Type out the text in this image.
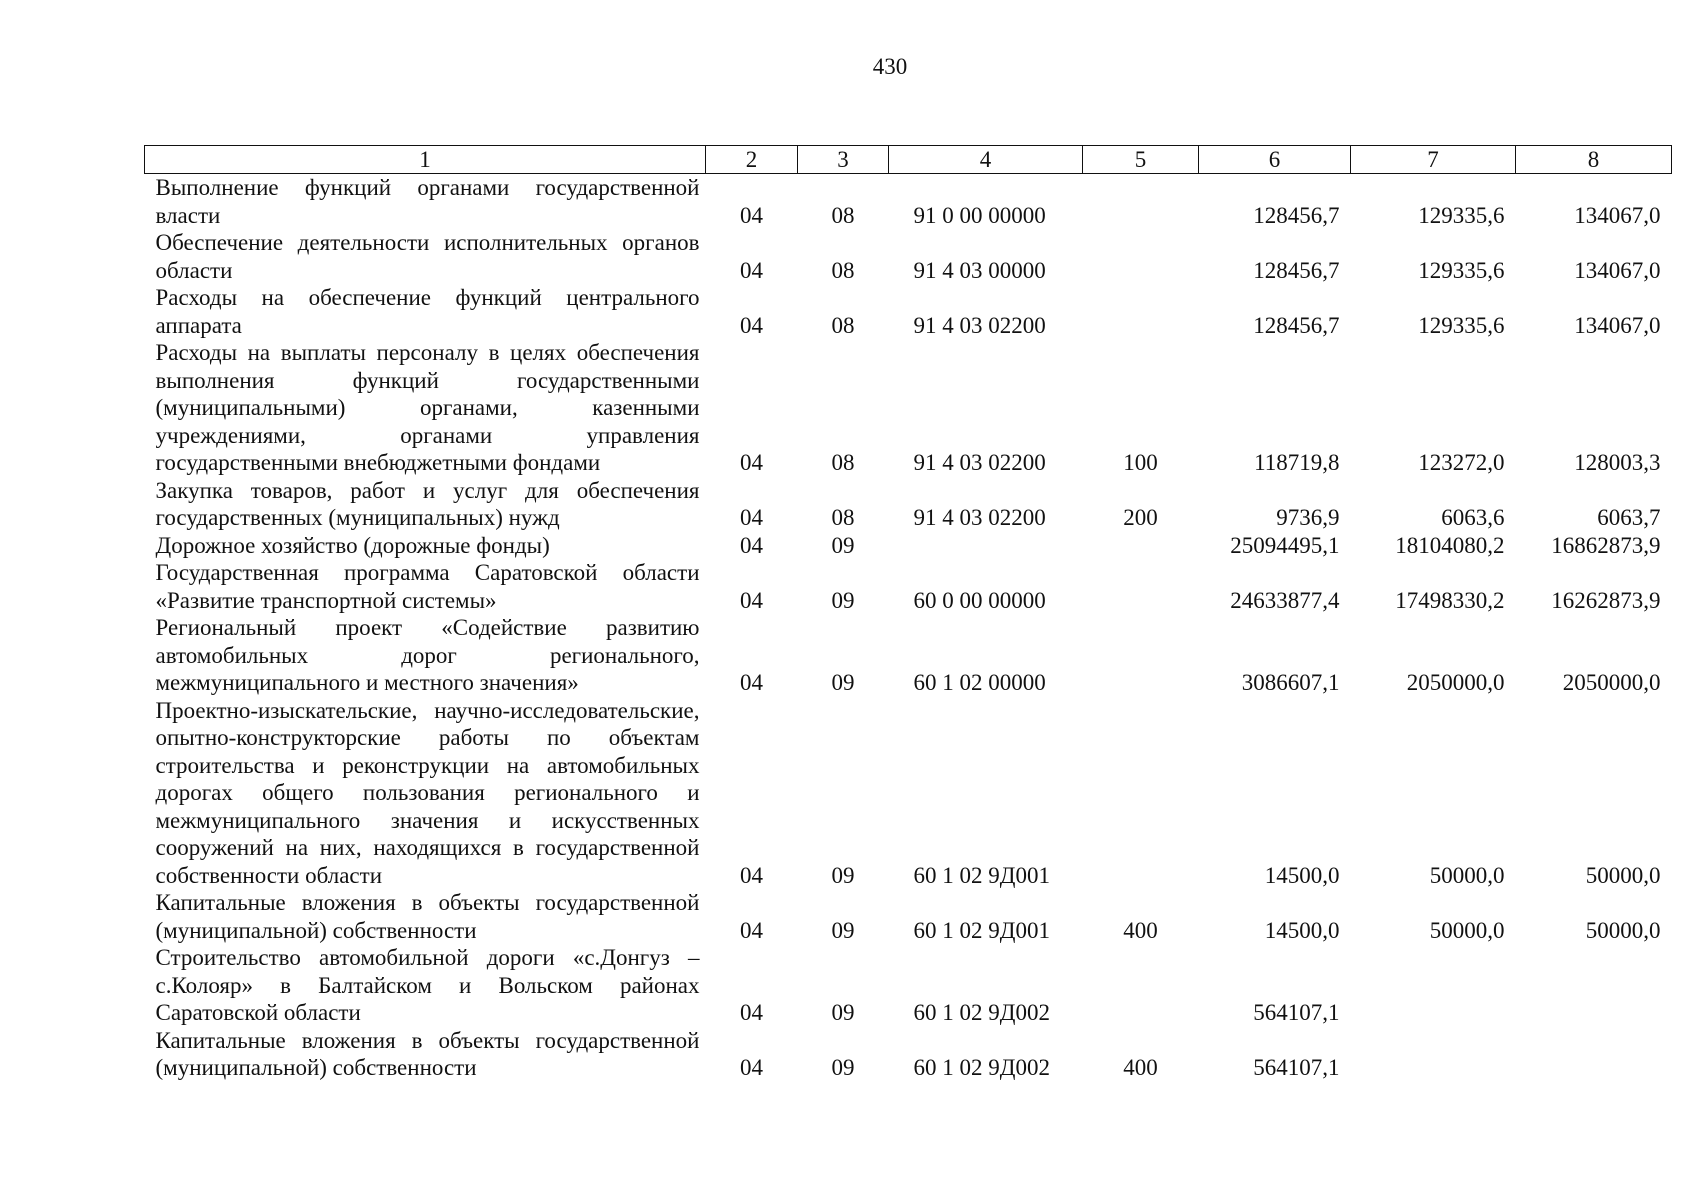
430
1	2	3	4	5	6	7	8
Выполнение функций органами государственной власти	04	08	91 0 00 00000		128456,7	129335,6	134067,0
Обеспечение деятельности исполнительных органов области	04	08	91 4 03 00000		128456,7	129335,6	134067,0
Расходы на обеспечение функций центрального аппарата	04	08	91 4 03 02200		128456,7	129335,6	134067,0
Расходы на выплаты персоналу в целях обеспечения выполнения функций государственными (муниципальными) органами, казенными учреждениями, органами управления государственными внебюджетными фондами	04	08	91 4 03 02200	100	118719,8	123272,0	128003,3
Закупка товаров, работ и услуг для обеспечения государственных (муниципальных) нужд	04	08	91 4 03 02200	200	9736,9	6063,6	6063,7
Дорожное хозяйство (дорожные фонды)	04	09			25094495,1	18104080,2	16862873,9
Государственная программа Саратовской области «Развитие транспортной системы»	04	09	60 0 00 00000		24633877,4	17498330,2	16262873,9
Региональный проект «Содействие развитию автомобильных дорог регионального, межмуниципального и местного значения»	04	09	60 1 02 00000		3086607,1	2050000,0	2050000,0
Проектно-изыскательские, научно-исследовательские, опытно-конструкторские работы по объектам строительства и реконструкции на автомобильных дорогах общего пользования регионального и межмуниципального значения и искусственных сооружений на них, находящихся в государственной собственности области	04	09	60 1 02 9Д001		14500,0	50000,0	50000,0
Капитальные вложения в объекты государственной (муниципальной) собственности	04	09	60 1 02 9Д001	400	14500,0	50000,0	50000,0
Строительство автомобильной дороги «с.Донгуз – с.Колояр» в Балтайском и Вольском районах Саратовской области	04	09	60 1 02 9Д002		564107,1		
Капитальные вложения в объекты государственной (муниципальной) собственности	04	09	60 1 02 9Д002	400	564107,1		
